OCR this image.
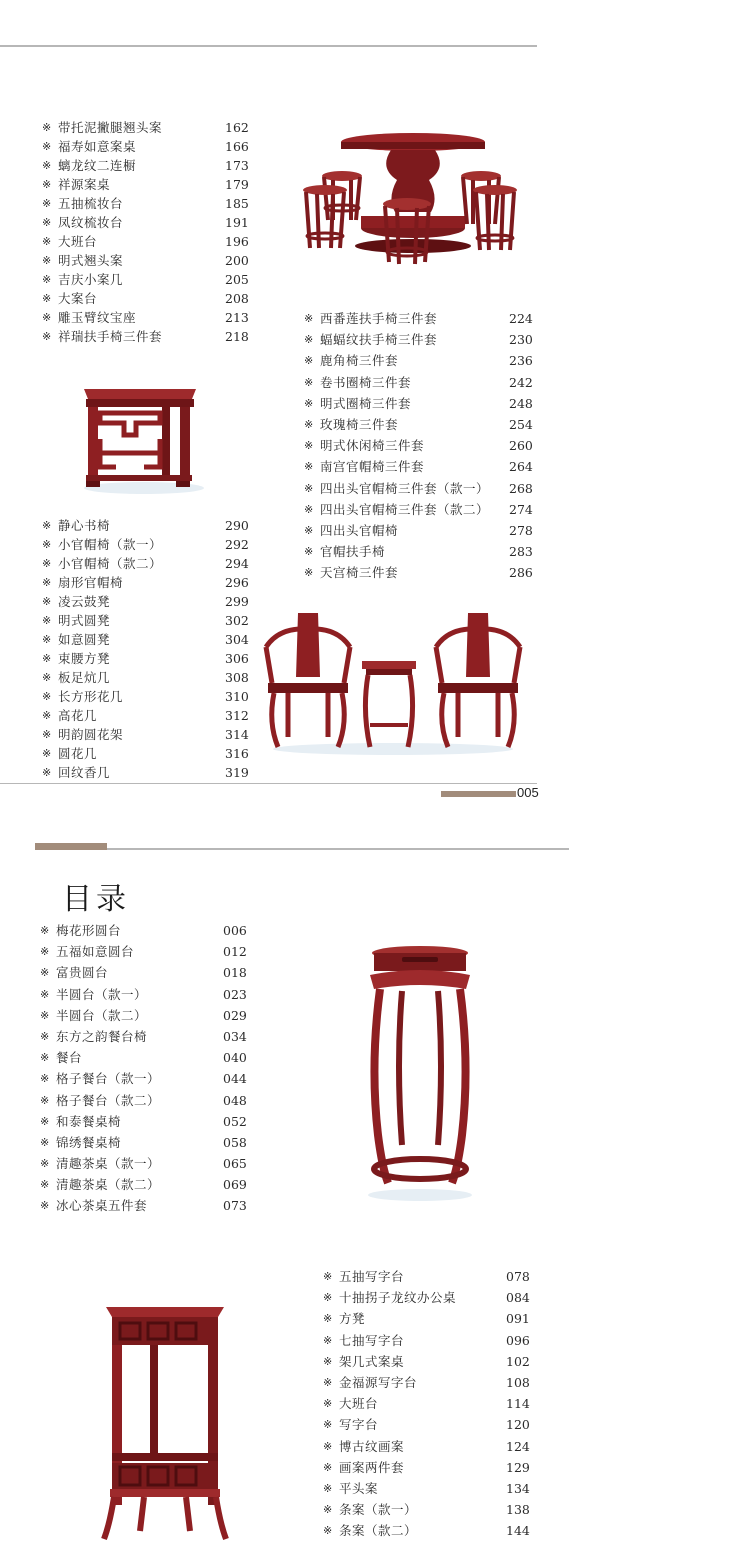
※ 带托泥撇腿翘头案	162
※ 福寿如意案桌	166
※ 螭龙纹二连橱	173
※ 祥源案桌	179
※ 五抽梳妆台	185
※ 凤纹梳妆台	191
※ 大班台	196
※ 明式翘头案	200
※ 吉庆小案几	205
※ 大案台	208
※ 雕玉臂纹宝座	213
※ 祥瑞扶手椅三件套	218
※ 西番莲扶手椅三件套	224
※ 蝠蝠纹扶手椅三件套	230
※ 鹿角椅三件套	236
※ 卷书圈椅三件套	242
※ 明式圈椅三件套	248
※ 玫瑰椅三件套	254
※ 明式休闲椅三件套	260
※ 南宫官帽椅三件套	264
※ 四出头官帽椅三件套（款一） 268
※ 四出头官帽椅三件套（款二） 274
※ 四出头官帽椅	278
※ 官帽扶手椅	283
※ 天宫椅三件套	286
※ 静心书椅	290
※ 小官帽椅（款一）	292
※ 小官帽椅（款二）	294
※ 扇形官帽椅	296
※ 凌云鼓凳	299
※ 明式圆凳	302
※ 如意圆凳	304
※ 束腰方凳	306
※ 板足炕几	308
※ 长方形花几	310
※ 高花几	312
※ 明韵圆花架	314
※ 圆花几	316
※ 回纹香几	319
005
目录
※ 梅花形圆台	006
※ 五福如意圆台	012
※ 富贵圆台	018
※ 半圆台（款一）	023
※ 半圆台（款二）	029
※ 东方之韵餐台椅	034
※ 餐台	040
※ 格子餐台（款一）	044
※ 格子餐台（款二）	048
※ 和泰餐桌椅	052
※ 锦绣餐桌椅	058
※ 清趣茶桌（款一）	065
※ 清趣茶桌（款二）	069
※ 冰心茶桌五件套	073
※ 五抽写字台	078
※ 十抽拐子龙纹办公桌	084
※ 方凳	091
※ 七抽写字台	096
※ 架几式案桌	102
※ 金福源写字台	108
※ 大班台	114
※ 写字台	120
※ 博古纹画案	124
※ 画案两件套	129
※ 平头案	134
※ 条案（款一）	138
※ 条案（款二）	144
